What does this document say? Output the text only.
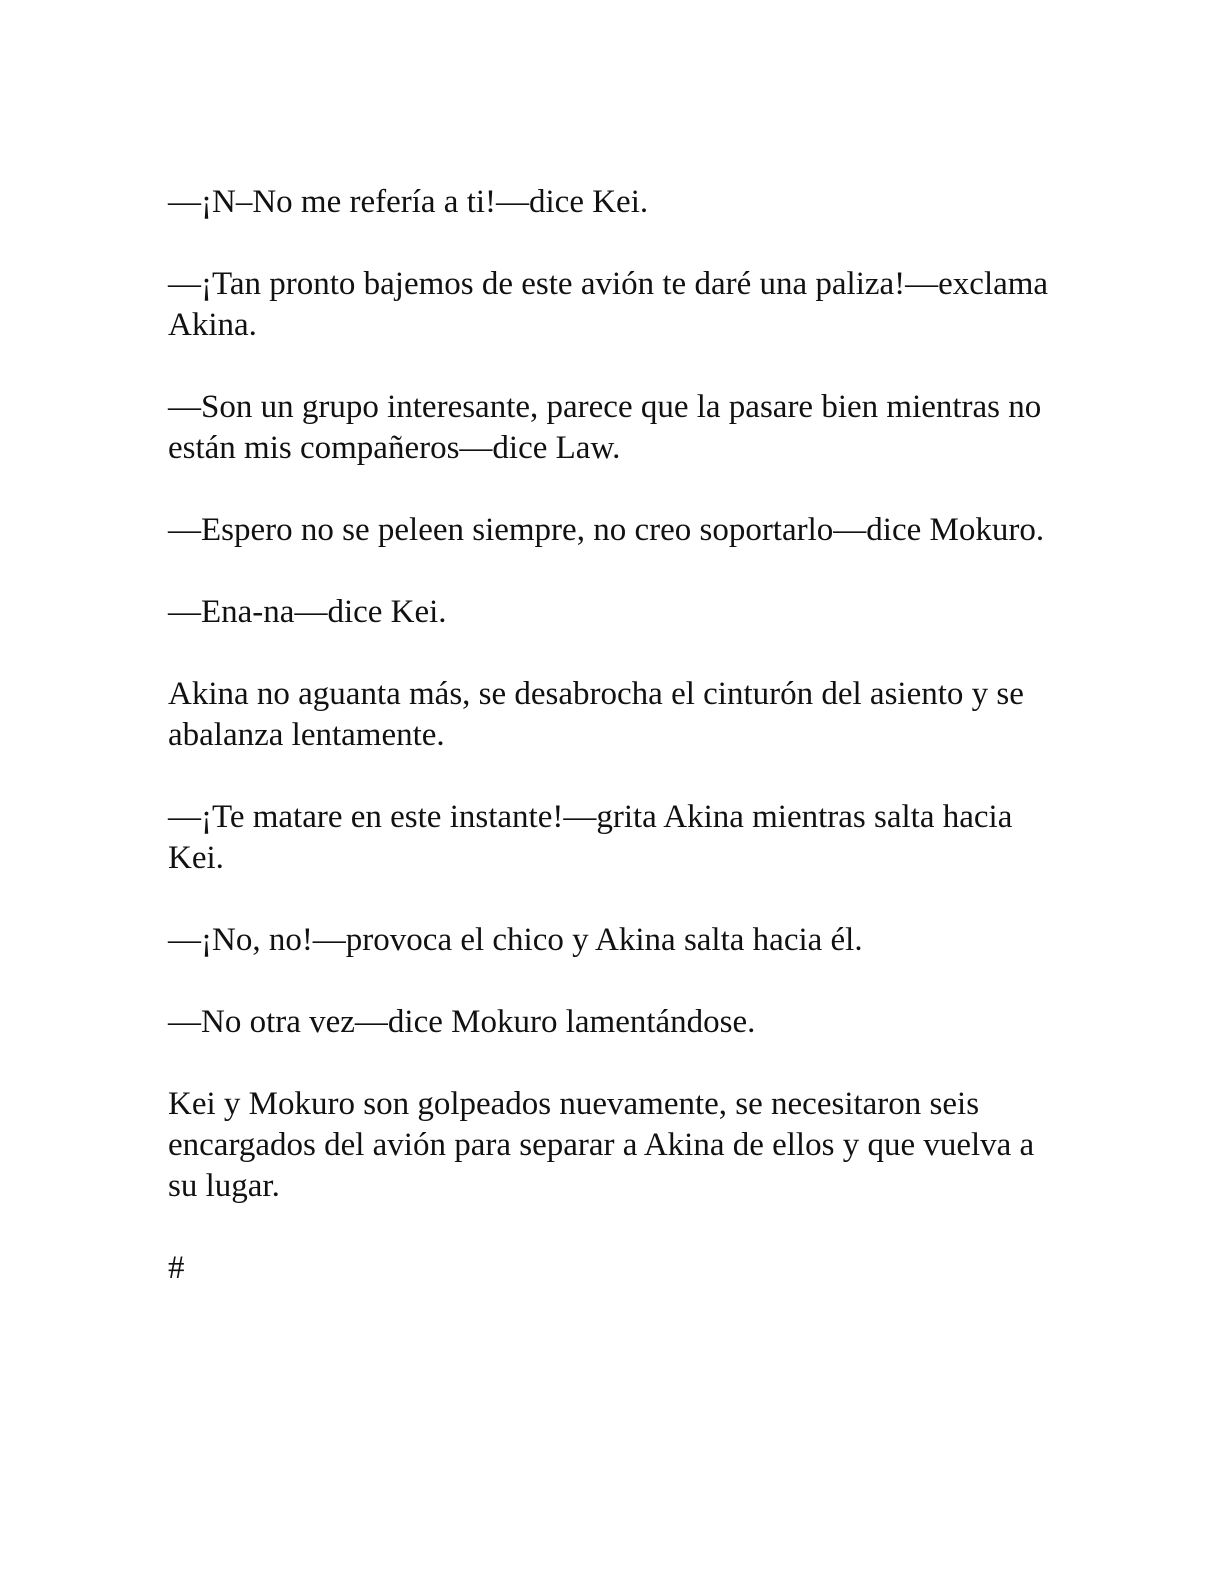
—¡N–No me refería a ti!—dice Kei.

—¡Tan pronto bajemos de este avión te daré una paliza!—exclama Akina.

—Son un grupo interesante, parece que la pasare bien mientras no están mis compañeros—dice Law.

—Espero no se peleen siempre, no creo soportarlo—dice Mokuro.

—Ena-na—dice Kei.

Akina no aguanta más, se desabrocha el cinturón del asiento y se abalanza lentamente.

—¡Te matare en este instante!—grita Akina mientras salta hacia Kei.

—¡No, no!—provoca el chico y Akina salta hacia él.

—No otra vez—dice Mokuro lamentándose.

Kei y Mokuro son golpeados nuevamente, se necesitaron seis encargados del avión para separar a Akina de ellos y que vuelva a su lugar.

#
